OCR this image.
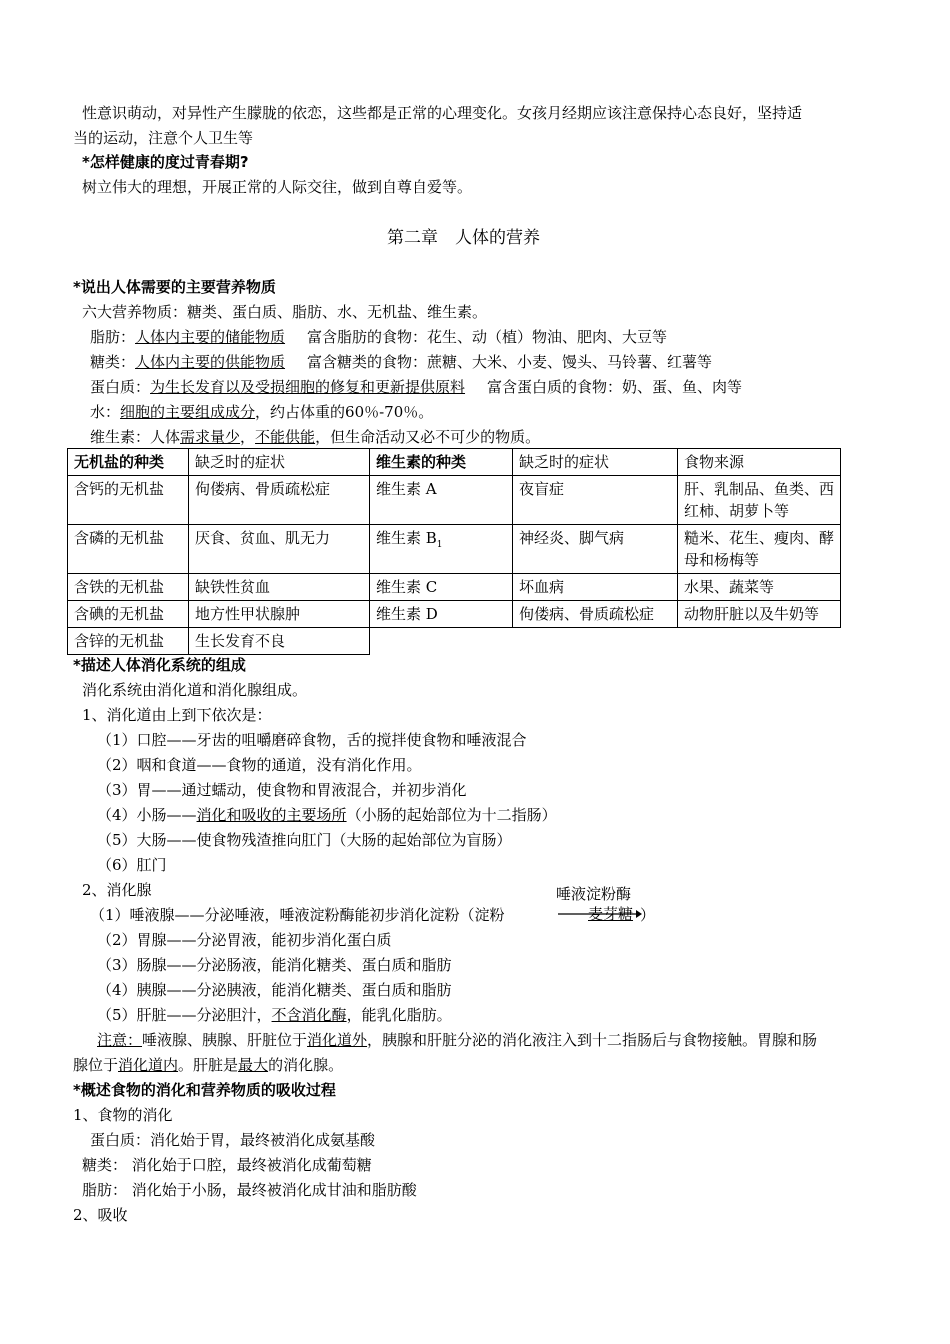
性意识萌动，对异性产生朦胧的依恋，这些都是正常的心理变化。女孩月经期应该注意保持心态良好，坚持适
当的运动，注意个人卫生等
*怎样健康的度过青春期?
树立伟大的理想，开展正常的人际交往，做到自尊自爱等。
第二章　人体的营养
*说出人体需要的主要营养物质
六大营养物质：糖类、蛋白质、脂肪、水、无机盐、维生素。
脂肪：人体内主要的储能物质 富含脂肪的食物：花生、动（植）物油、肥肉、大豆等
糖类：人体内主要的供能物质 富含糖类的食物：蔗糖、大米、小麦、馒头、马铃薯、红薯等
蛋白质：为生长发育以及受损细胞的修复和更新提供原料 富含蛋白质的食物：奶、蛋、鱼、肉等
水：细胞的主要组成成分，约占体重的60％-70％。
维生素：人体需求量少，不能供能，但生命活动又必不可少的物质。
无机盐的种类	缺乏时的症状	维生素的种类	缺乏时的症状	食物来源
含钙的无机盐	佝偻病、骨质疏松症	维生素 A	夜盲症	肝、乳制品、鱼类、西红柿、胡萝卜等
含磷的无机盐	厌食、贫血、肌无力	维生素 $B_1$	神经炎、脚气病	糙米、花生、瘦肉、酵母和杨梅等
含铁的无机盐	缺铁性贫血	维生素 C	坏血病	水果、蔬菜等
含碘的无机盐	地方性甲状腺肿	维生素 D	佝偻病、骨质疏松症	动物肝脏以及牛奶等
含锌的无机盐	生长发育不良			
*描述人体消化系统的组成
消化系统由消化道和消化腺组成。
1、消化道由上到下依次是：
（1）口腔——牙齿的咀嚼磨碎食物，舌的搅拌使食物和唾液混合
（2）咽和食道——食物的通道，没有消化作用。
（3）胃——通过蠕动，使食物和胃液混合，并初步消化
（4）小肠——消化和吸收的主要场所（小肠的起始部位为十二指肠）
（5）大肠——使食物残渣推向肛门（大肠的起始部位为盲肠）
（6）肛门
2、消化腺
（1）唾液腺——分泌唾液，唾液淀粉酶能初步消化淀粉（淀粉
唾液淀粉酶
麦芽糖 ）
（2）胃腺——分泌胃液，能初步消化蛋白质
（3）肠腺——分泌肠液，能消化糖类、蛋白质和脂肪
（4）胰腺——分泌胰液，能消化糖类、蛋白质和脂肪
（5）肝脏——分泌胆汁，不含消化酶，能乳化脂肪。
注意：唾液腺、胰腺、肝脏位于消化道外，胰腺和肝脏分泌的消化液注入到十二指肠后与食物接触。胃腺和肠
腺位于消化道内。肝脏是最大的消化腺。
*概述食物的消化和营养物质的吸收过程
1、食物的消化
蛋白质：消化始于胃，最终被消化成氨基酸
糖类： 消化始于口腔，最终被消化成葡萄糖
脂肪： 消化始于小肠，最终被消化成甘油和脂肪酸
2、吸收
